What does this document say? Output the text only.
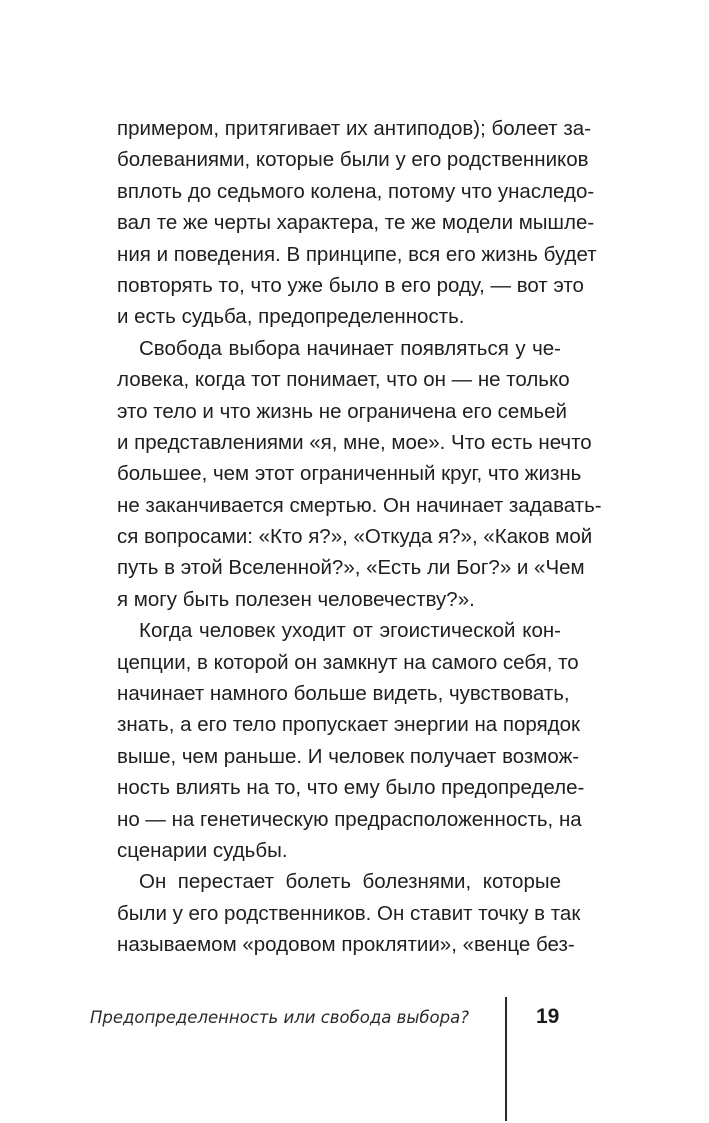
примером, притягивает их антиподов); болеет за-
болеваниями, которые были у его родственников
вплоть до седьмого колена, потому что унаследо-
вал те же черты характера, те же модели мышле-
ния и поведения. В принципе, вся его жизнь будет
повторять то, что уже было в его роду, — вот это
и есть судьба, предопределенность.
Свобода выбора начинает появляться у че-
ловека, когда тот понимает, что он — не только
это тело и что жизнь не ограничена его семьей
и представлениями «я, мне, мое». Что есть нечто
большее, чем этот ограниченный круг, что жизнь
не заканчивается смертью. Он начинает задавать-
ся вопросами: «Кто я?», «Откуда я?», «Каков мой
путь в этой Вселенной?», «Есть ли Бог?» и «Чем
я могу быть полезен человечеству?».
Когда человек уходит от эгоистической кон-
цепции, в которой он замкнут на самого себя, то
начинает намного больше видеть, чувствовать,
знать, а его тело пропускает энергии на порядок
выше, чем раньше. И человек получает возмож-
ность влиять на то, что ему было предопределе-
но — на генетическую предрасположенность, на
сценарии судьбы.
Он перестает болеть болезнями, которые
были у его родственников. Он ставит точку в так
называемом «родовом проклятии», «венце без-
Предопределенность или свобода выбора?	19
